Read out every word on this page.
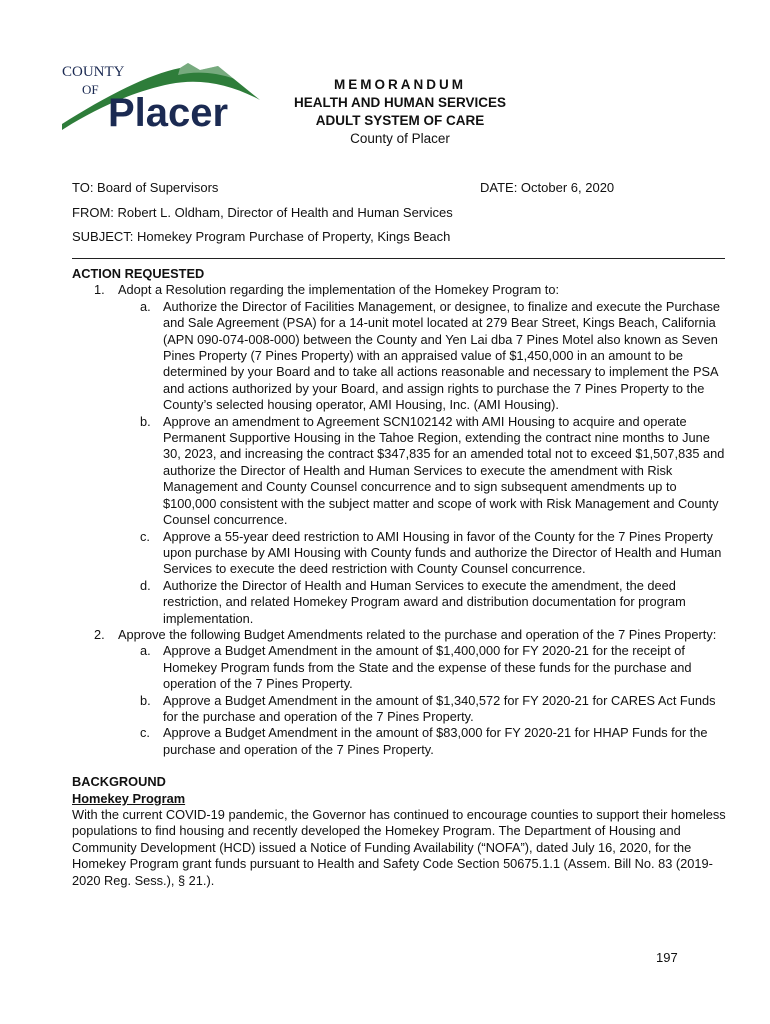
COUNTY
OF
Placer
MEMORANDUM
HEALTH AND HUMAN SERVICES
ADULT SYSTEM OF CARE
County of Placer
TO: Board of Supervisors	DATE: October 6, 2020
FROM: Robert L. Oldham, Director of Health and Human Services
SUBJECT: Homekey Program Purchase of Property, Kings Beach

ACTION REQUESTED

1.	Adopt a Resolution regarding the implementation of the Homekey Program to:
a. Authorize the Director of Facilities Management, or designee, to finalize and execute the Purchase and Sale Agreement (PSA) for a 14-unit motel located at 279 Bear Street, Kings Beach, California (APN 090-074-008-000) between the County and Yen Lai dba 7 Pines Motel also known as Seven Pines Property (7 Pines Property) with an appraised value of $1,450,000 in an amount to be determined by your Board and to take all actions reasonable and necessary to implement the PSA and actions authorized by your Board, and assign rights to purchase the 7 Pines Property to the County’s selected housing operator, AMI Housing, Inc. (AMI Housing).
b. Approve an amendment to Agreement SCN102142 with AMI Housing to acquire and operate Permanent Supportive Housing in the Tahoe Region, extending the contract nine months to June 30, 2023, and increasing the contract $347,835 for an amended total not to exceed $1,507,835 and authorize the Director of Health and Human Services to execute the amendment with Risk Management and County Counsel concurrence and to sign subsequent amendments up to $100,000 consistent with the subject matter and scope of work with Risk Management and County Counsel concurrence.
c.	Approve a 55-year deed restriction to AMI Housing in favor of the County for the 7 Pines Property upon purchase by AMI Housing with County funds and authorize the Director of Health and Human Services to execute the deed restriction with County Counsel concurrence.
d. Authorize the Director of Health and Human Services to execute the amendment, the deed restriction, and related Homekey Program award and distribution documentation for program implementation.
2.	Approve the following Budget Amendments related to the purchase and operation of the 7 Pines Property:
a. Approve a Budget Amendment in the amount of $1,400,000 for FY 2020-21 for the receipt of Homekey Program funds from the State and the expense of these funds for the purchase and operation of the 7 Pines Property.
b. Approve a Budget Amendment in the amount of $1,340,572 for FY 2020-21 for CARES Act Funds for the purchase and operation of the 7 Pines Property.
c.	Approve a Budget Amendment in the amount of $83,000 for FY 2020-21 for HHAP Funds for the purchase and operation of the 7 Pines Property.

BACKGROUND

Homekey Program

With the current COVID-19 pandemic, the Governor has continued to encourage counties to support their homeless populations to find housing and recently developed the Homekey Program. The Department of Housing and Community Development (HCD) issued a Notice of Funding Availability (“NOFA”), dated July 16, 2020, for the Homekey Program grant funds pursuant to Health and Safety Code Section 50675.1.1 (Assem. Bill No. 83 (2019-2020 Reg. Sess.), § 21.).

197
